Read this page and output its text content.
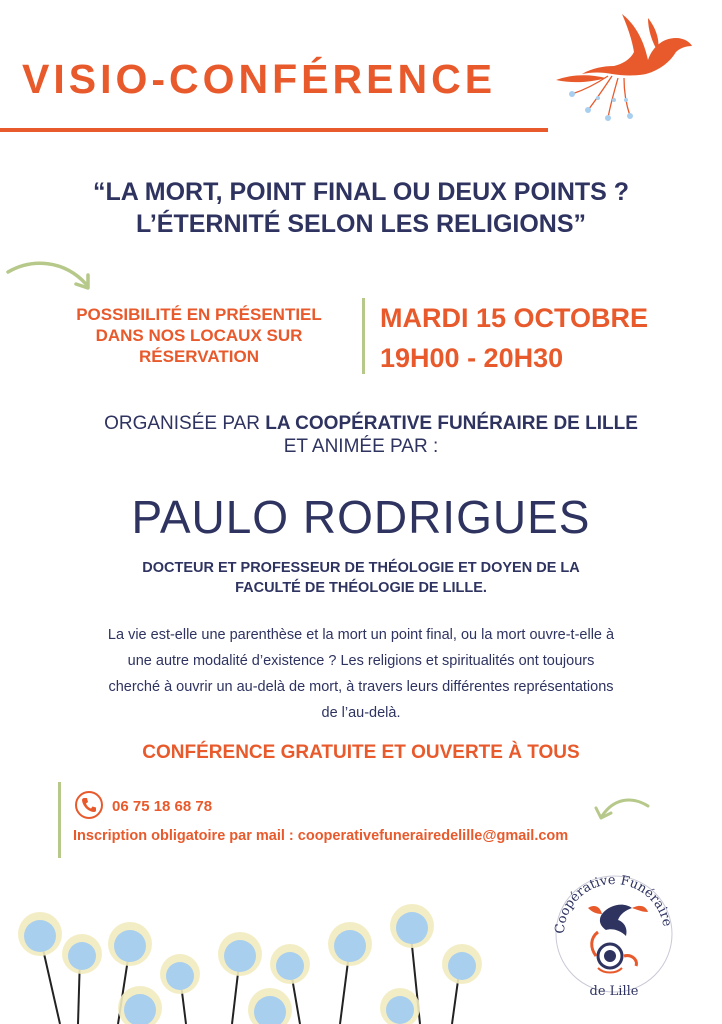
VISIO-CONFÉRENCE
“LA MORT, POINT FINAL OU DEUX POINTS ?
L’ÉTERNITÉ SELON LES RELIGIONS”
POSSIBILITÉ EN PRÉSENTIEL
DANS NOS LOCAUX SUR
RÉSERVATION
MARDI 15 OCTOBRE
19H00 - 20H30
ORGANISÉE PAR LA COOPÉRATIVE FUNÉRAIRE DE LILLE
ET ANIMÉE PAR :
PAULO RODRIGUES
DOCTEUR ET PROFESSEUR DE THÉOLOGIE ET DOYEN DE LA
FACULTÉ DE THÉOLOGIE DE LILLE.
La vie est-elle une parenthèse et la mort un point final, ou la mort ouvre-t-elle à
une autre modalité d’existence ? Les religions et spiritualités ont toujours
cherché à ouvrir un au-delà de mort, à travers leurs différentes représentations
de l’au-delà.
CONFÉRENCE GRATUITE ET OUVERTE À TOUS
06 75 18 68 78
Inscription obligatoire par mail : cooperativefunerairedelille@gmail.com
Coopérative Funéraire
de Lille
